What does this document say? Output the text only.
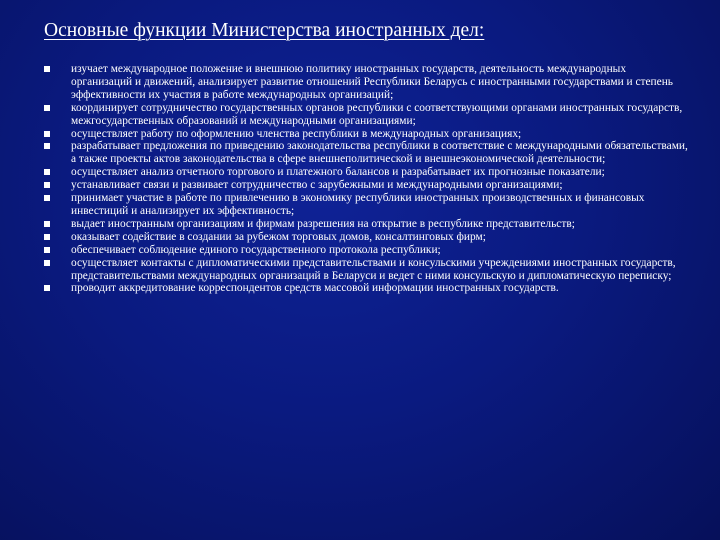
Основные функции Министерства иностранных дел:
изучает международное положение и внешнюю политику иностранных государств, деятельность международных организаций и движений, анализирует развитие отношений Республики Беларусь с иностранными государствами и степень эффективности их участия в работе международных организаций;
координирует сотрудничество государственных органов республики с соответствующими органами иностранных государств, межгосударственных образований и международными организациями;
осуществляет работу по оформлению членства республики в международных организациях;
разрабатывает предложения по приведению законодательства республики в соответствие с международными обязательствами, а также проекты актов законодательства в сфере внешнеполитической и внешнеэкономической деятельности;
осуществляет анализ отчетного торгового и платежного балансов и разрабатывает их прогнозные показатели;
устанавливает связи и развивает сотрудничество с зарубежными и международными организациями;
принимает участие в работе по привлечению в экономику республики иностранных производственных и финансовых инвестиций и анализирует их эффективность;
выдает иностранным организациям и фирмам разрешения на открытие в республике представительств;
оказывает содействие в создании за рубежом торговых домов, консалтинговых фирм;
обеспечивает соблюдение единого государственного протокола республики;
осуществляет контакты с дипломатическими представительствами и консульскими учреждениями иностранных государств, представительствами международных организаций в Беларуси и ведет с ними консульскую и дипломатическую переписку;
проводит аккредитование корреспондентов средств массовой информации иностранных государств.
